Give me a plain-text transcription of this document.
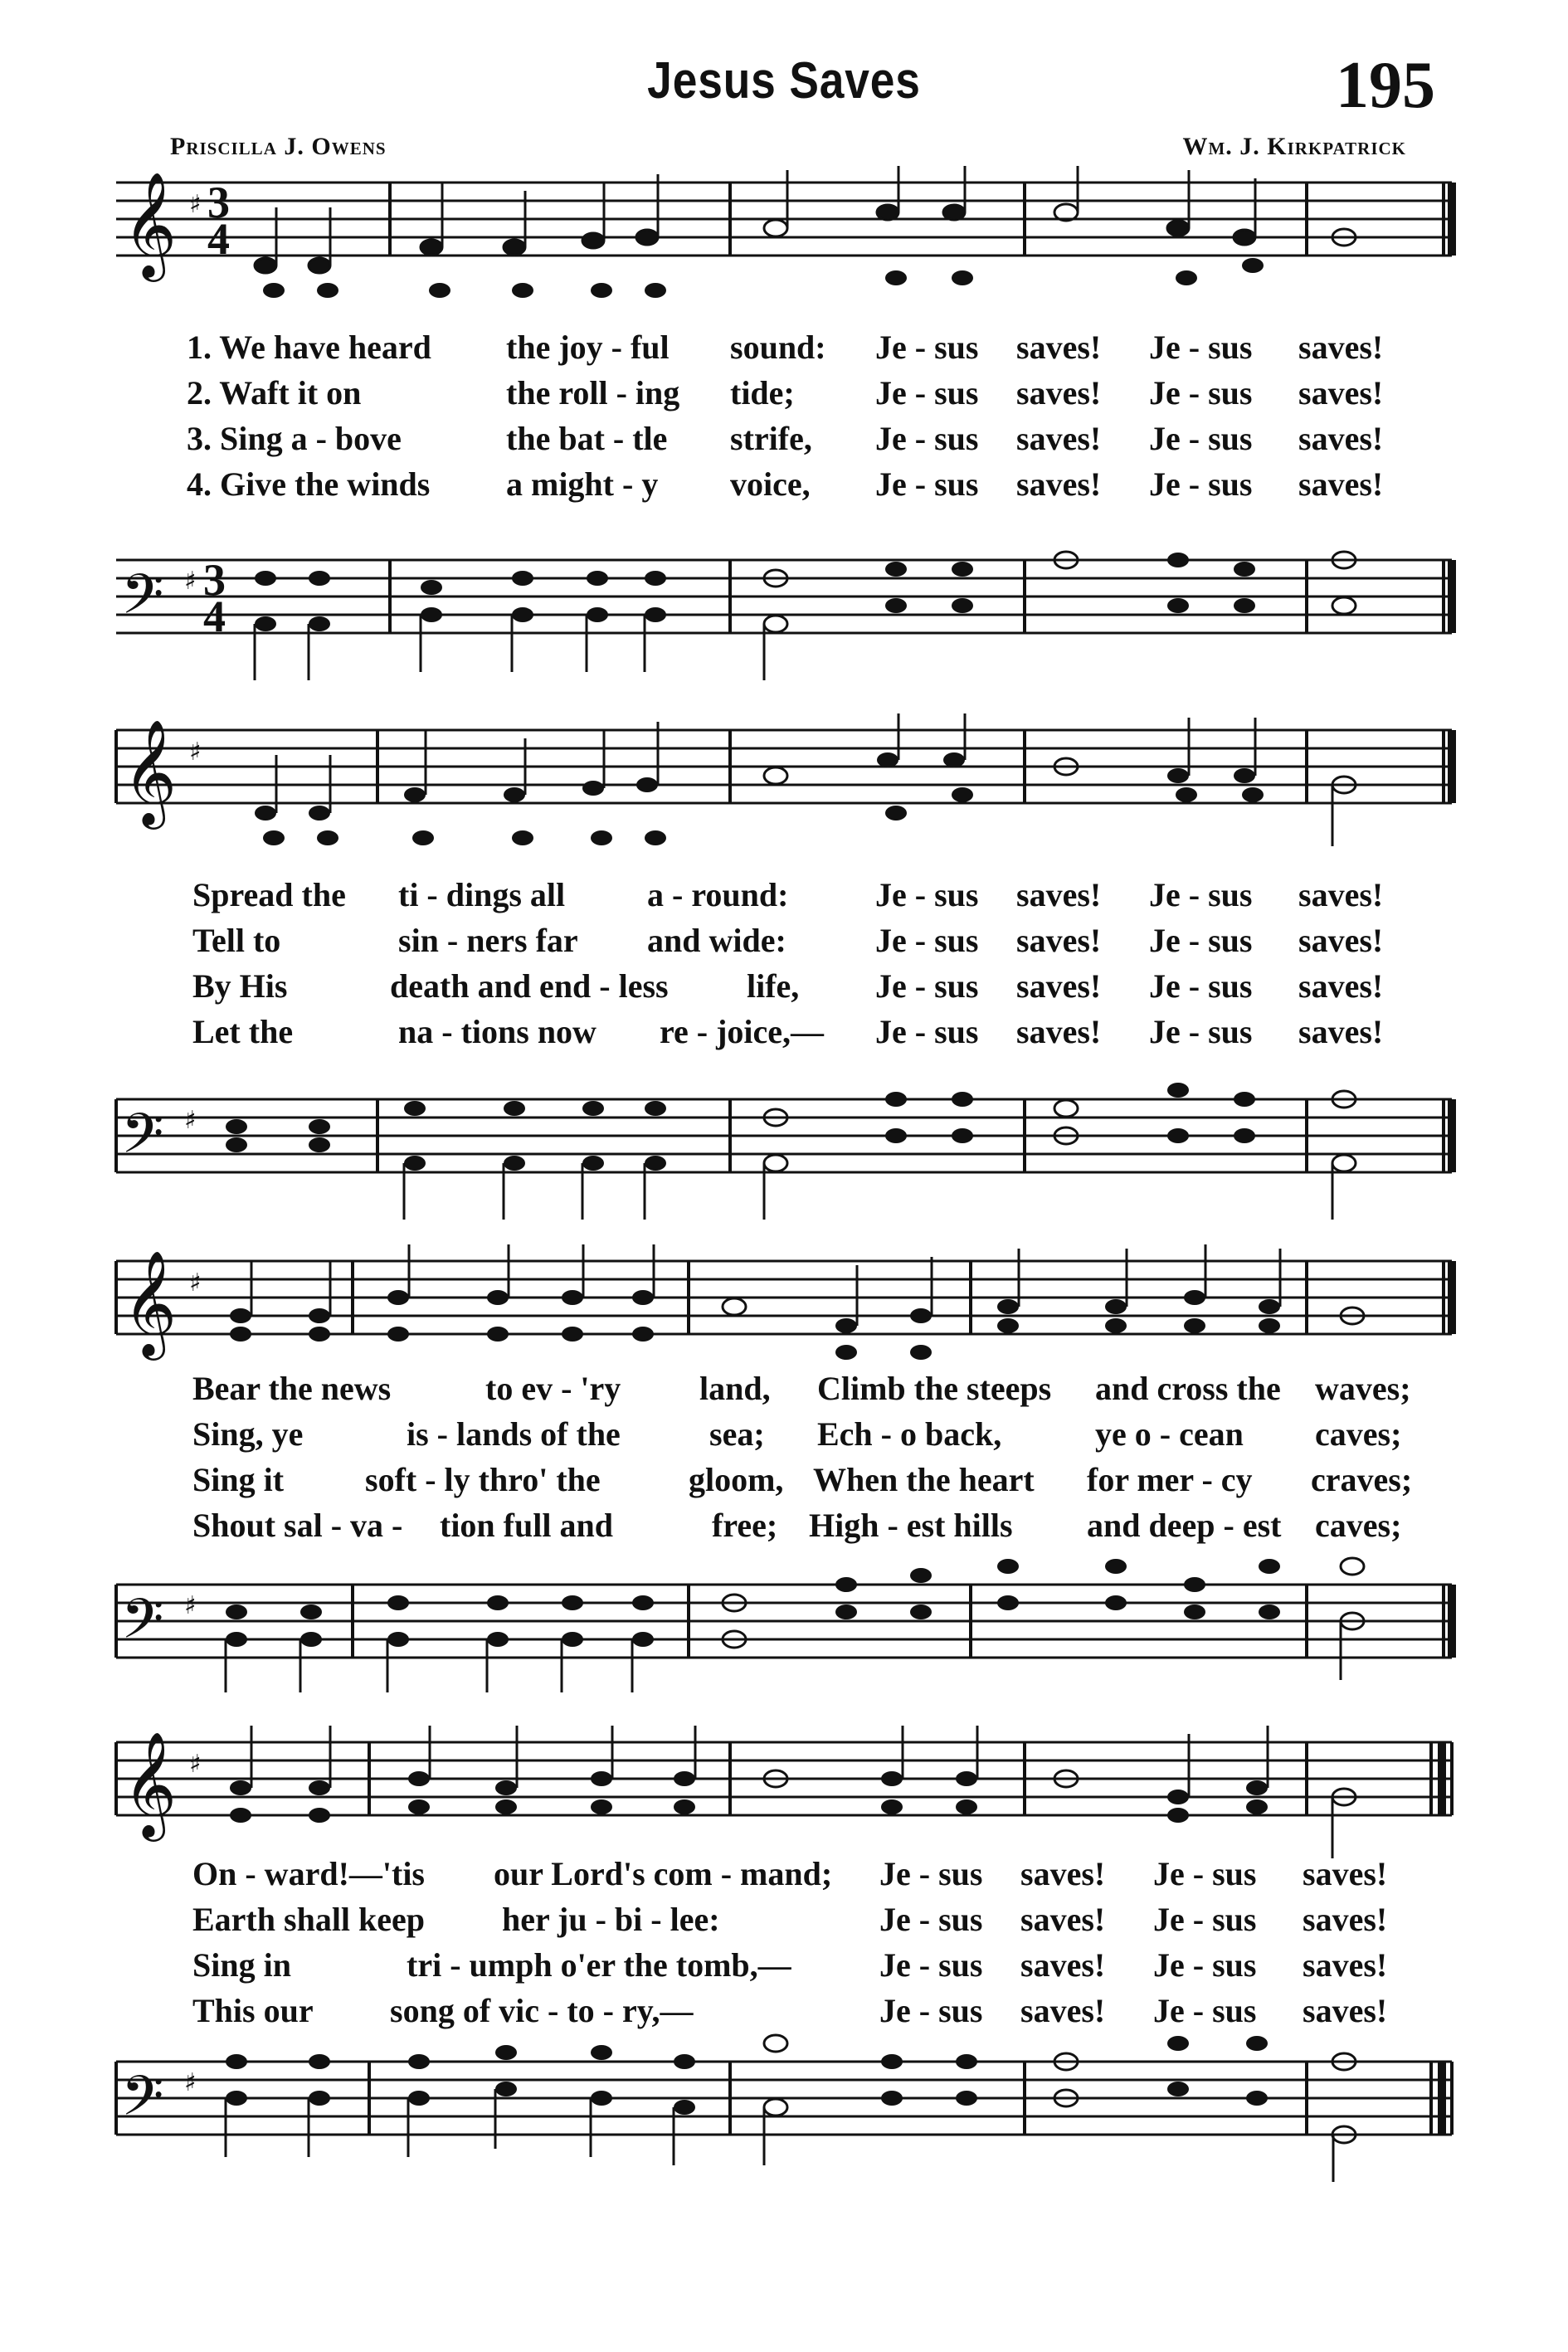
Jesus Saves	195
Priscilla J. Owens	Wm. J. Kirkpatrick
𝄞 ♯ 3
4
1. We have heard the joy - ful sound: Je - sus saves! Je - sus saves!
2. Waft it on	the roll - ing tide; Je - sus saves! Je - sus saves!
3. Sing a - bove	the bat - tle strife, Je - sus saves! Je - sus saves!
4. Give the winds a might - y voice, Je - sus saves! Je - sus saves!
𝄢 ♯ 3
4
𝄞 ♯
Spread the ti - dings all a - round:	Je - sus saves! Je - sus saves!
Tell to	sin - ners far and wide:	Je - sus saves! Je - sus saves!
By His	death and end - less life, Je - sus saves! Je - sus saves!
Let the	na - tions now re - joice,— Je - sus saves! Je - sus saves!
𝄢 ♯
𝄞 ♯
Bear the news	to ev - 'ry land, Climb the steeps and cross the waves;
Sing, ye	is - lands of the	sea; Ech - o back,	ye o - cean caves;
Sing it soft - ly thro' the	gloom, When the heart for mer - cy craves;
Shout sal - va - tion full and	free; High - est hills and deep - est caves;
𝄢 ♯
𝄞 ♯
On - ward!—'tis our Lord's com - mand; Je - sus saves! Je - sus saves!
Earth shall keep her ju - bi - lee:	Je - sus saves! Je - sus saves!
Sing in	tri - umph o'er the tomb,—	Je - sus saves! Je - sus saves!
This our song of vic - to - ry,—	Je - sus saves! Je - sus saves!
𝄢 ♯
